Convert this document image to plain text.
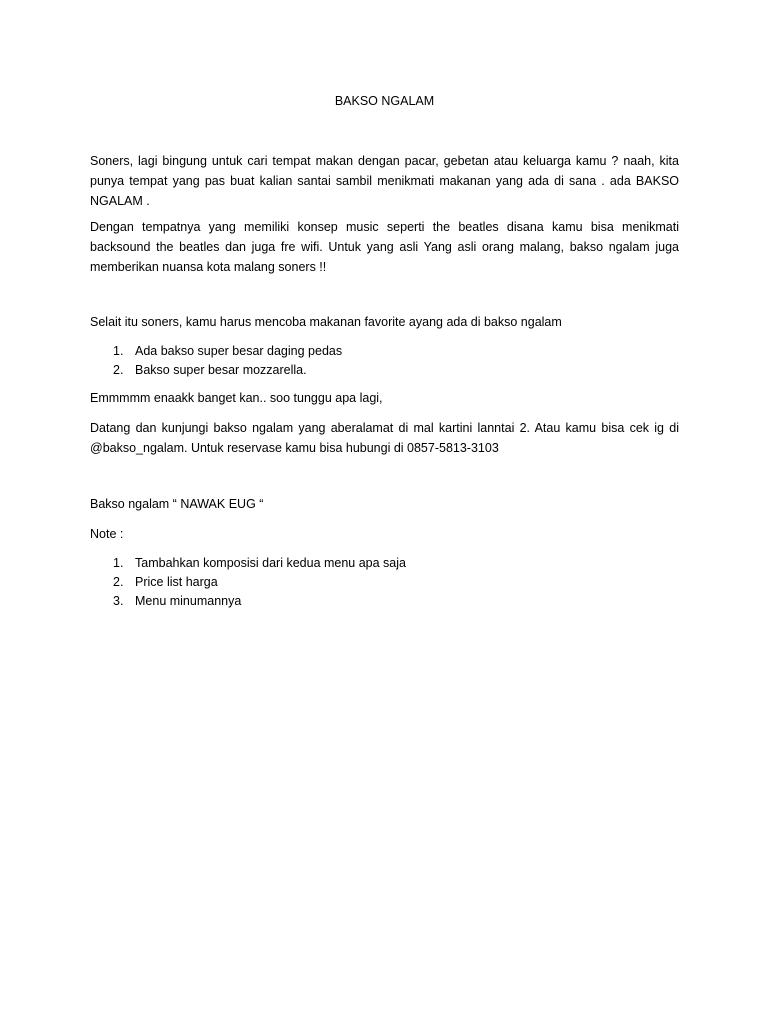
BAKSO NGALAM

Soners, lagi bingung untuk cari tempat makan dengan pacar, gebetan atau keluarga kamu ? naah, kita punya tempat yang pas buat kalian santai sambil menikmati makanan yang ada di sana . ada BAKSO NGALAM .

Dengan tempatnya yang memiliki konsep music seperti the beatles disana kamu bisa menikmati backsound the beatles dan juga fre wifi. Untuk yang asli Yang asli orang malang, bakso ngalam juga memberikan nuansa kota malang soners !!

Selait itu soners, kamu harus mencoba makanan favorite ayang ada di bakso ngalam

1. Ada bakso super besar daging pedas
2. Bakso super besar mozzarella.

Emmmmm enaakk banget kan.. soo tunggu apa lagi,

Datang dan kunjungi bakso ngalam yang aberalamat di mal kartini lanntai 2. Atau kamu bisa cek ig di @bakso_ngalam. Untuk reservase kamu bisa hubungi di 0857-5813-3103

Bakso ngalam “ NAWAK EUG “

Note :

1. Tambahkan komposisi dari kedua menu apa saja
2. Price list harga
3. Menu minumannya
